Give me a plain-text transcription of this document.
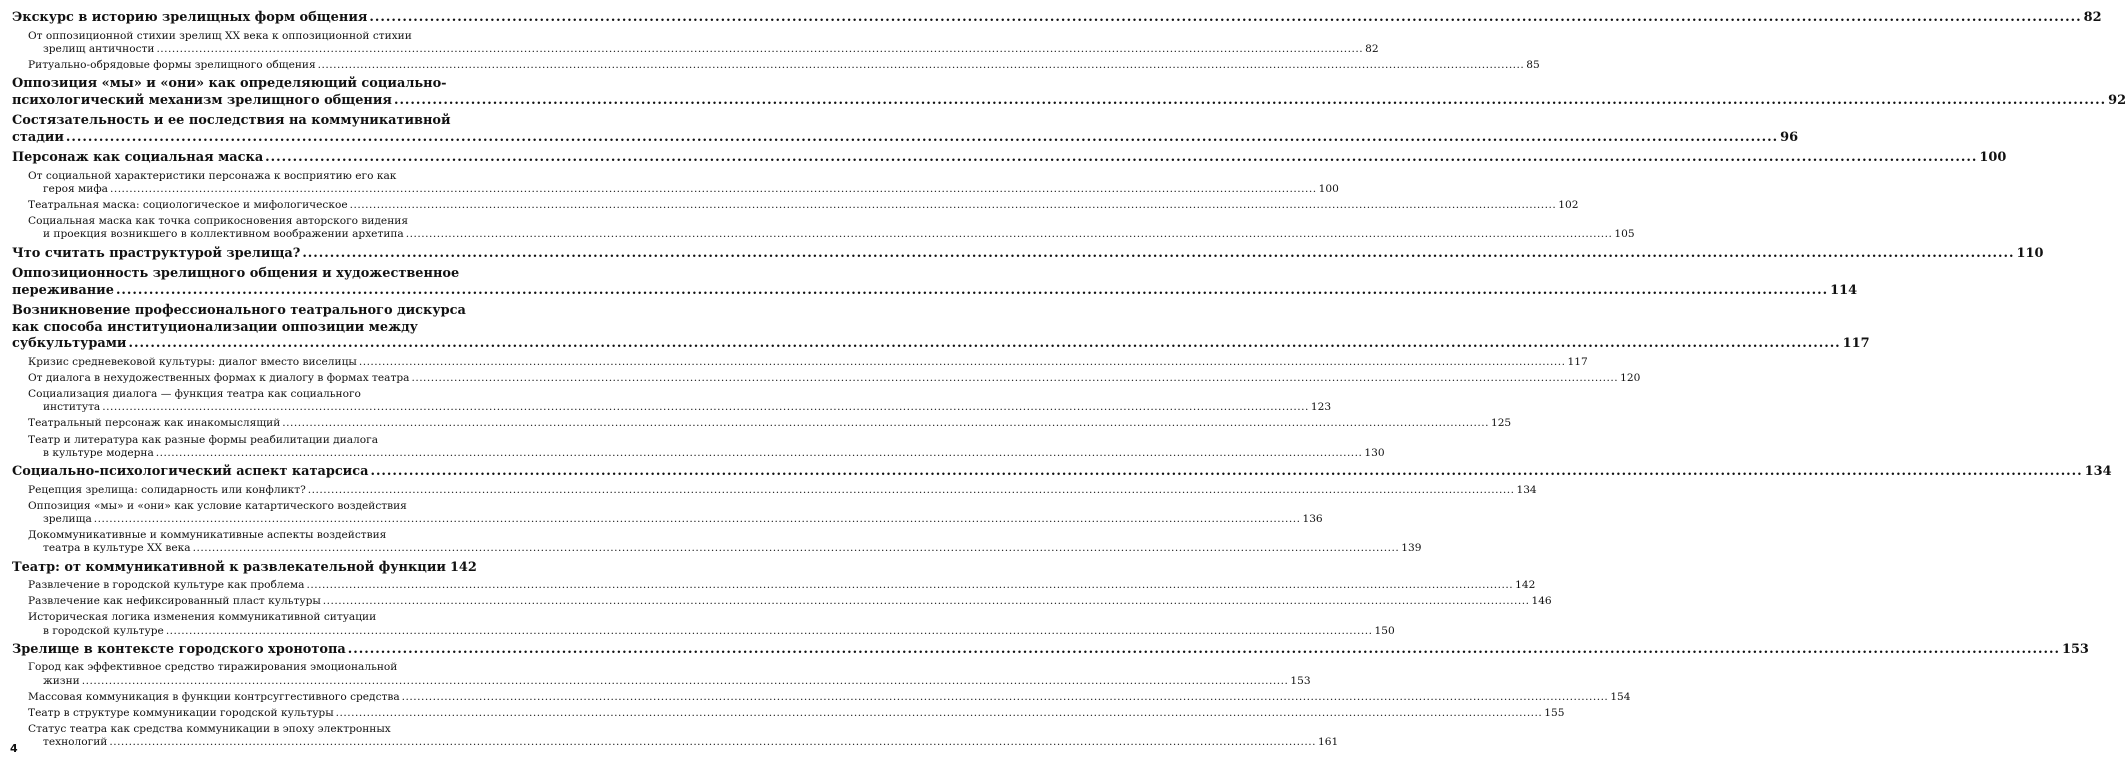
Экскурс в историю зрелищных форм общения .....	82
От оппозиционной стихии зрелищ XX века к оппозиционной стихии
зрелищ античности .....	82
Ритуально-обрядовые формы зрелищного общения .....	85
Оппозиция «мы» и «они» как определяющий социально-
психологический механизм зрелищного общения .....	92
Состязательность и ее последствия на коммуникативной
стадии .....	96
Персонаж как социальная маска .....	100
От социальной характеристики персонажа к восприятию его как
героя мифа .....	100
Театральная маска: социологическое и мифологическое .....	102
Социальная маска как точка соприкосновения авторского видения
и проекция возникшего в коллективном воображении архетипа .....	105
Что считать праструктурой зрелища? .....	110
Оппозиционность зрелищного общения и художественное
переживание .....	114
Возникновение профессионального театрального дискурса
как способа институционализации оппозиции между
субкультурами .....	117
Кризис средневековой культуры: диалог вместо виселицы .....	117
От диалога в нехудожественных формах к диалогу в формах театра .....	120
Социализация диалога — функция театра как социального
института .....	123
Театральный персонаж как инакомыслящий .....	125
Театр и литература как разные формы реабилитации диалога
в культуре модерна .....	130
Социально-психологический аспект катарсиса .....	134
Рецепция зрелища: солидарность или конфликт? .....	134
Оппозиция «мы» и «они» как условие катартического воздействия
зрелища .....	136
Докоммуникативные и коммуникативные аспекты воздействия
театра в культуре XX века .....	139
Театр: от коммуникативной к развлекательной функции 142
Развлечение в городской культуре как проблема .....	142
Развлечение как нефиксированный пласт культуры .....	146
Историческая логика изменения коммуникативной ситуации
в городской культуре .....	150
Зрелище в контексте городского хронотопа .....	153
Город как эффективное средство тиражирования эмоциональной
жизни .....	153
Массовая коммуникация в функции контрсуггестивного средства .....	154
Театр в структуре коммуникации городской культуры .....	155
Статус театра как средства коммуникации в эпоху электронных
технологий .....	161
4
